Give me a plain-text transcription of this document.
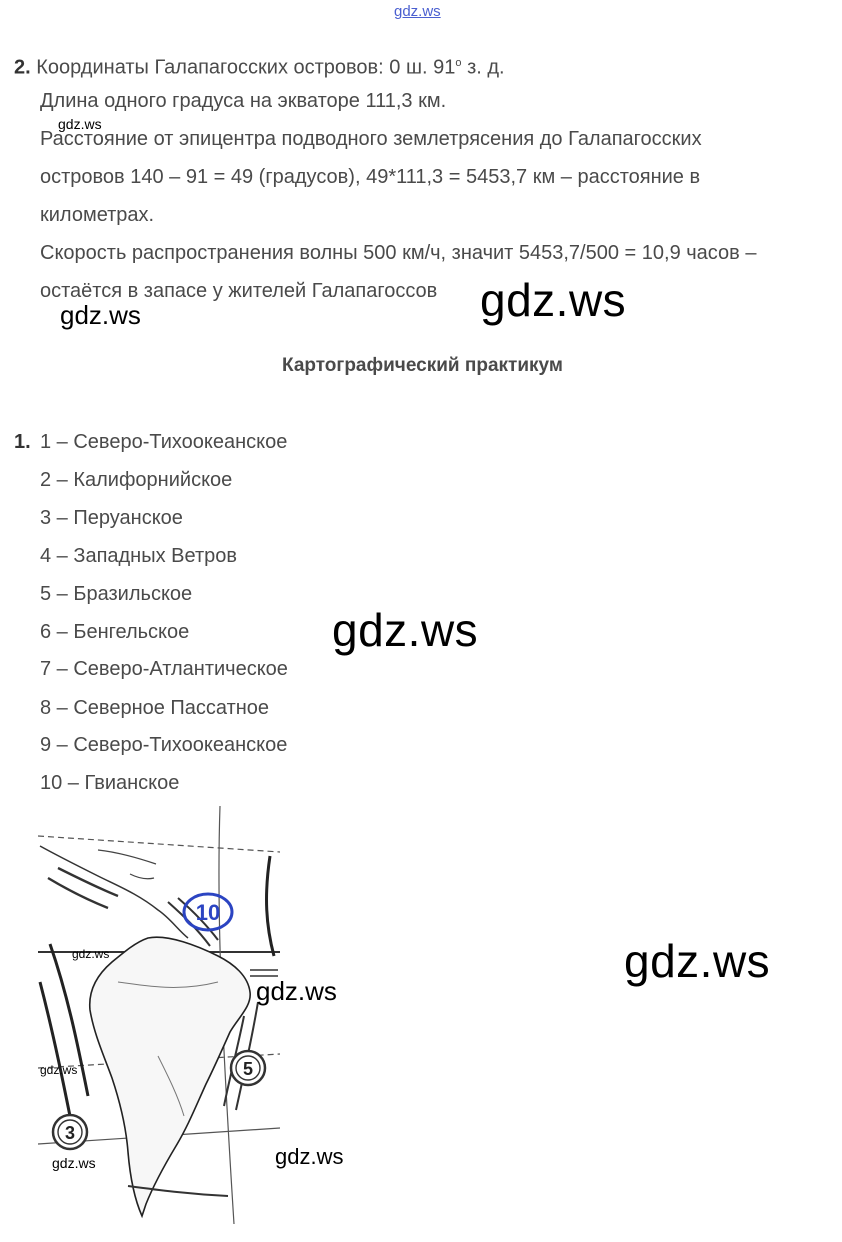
gdz.ws
2. Координаты Галапагосских островов: 0 ш. $91^о$ з. д.
Длина одного градуса на экваторе 111,3 км.
Расстояние от эпицентра подводного землетрясения до Галапагосских
островов 140 – 91 = 49 (градусов), 49*111,3 = 5453,7 км – расстояние в
километрах.
Скорость распространения волны 500 км/ч, значит 5453,7/500 = 10,9 часов –
остаётся в запасе у жителей Галапагоссов
gdz.ws
gdz.ws
gdz.ws
Картографический практикум
1. 1 – Северо-Тихоокеанское
2 – Калифорнийское
3 – Перуанское
4 – Западных Ветров
5 – Бразильское
6 – Бенгельское
7 – Северо-Атлантическое
8 – Северное Пассатное
9 – Северо-Тихоокеанское
10 – Гвианское
gdz.ws
gdz.ws
10
5
3
gdz.ws
gdz.ws
gdz.ws
gdz.ws	gdz.ws
